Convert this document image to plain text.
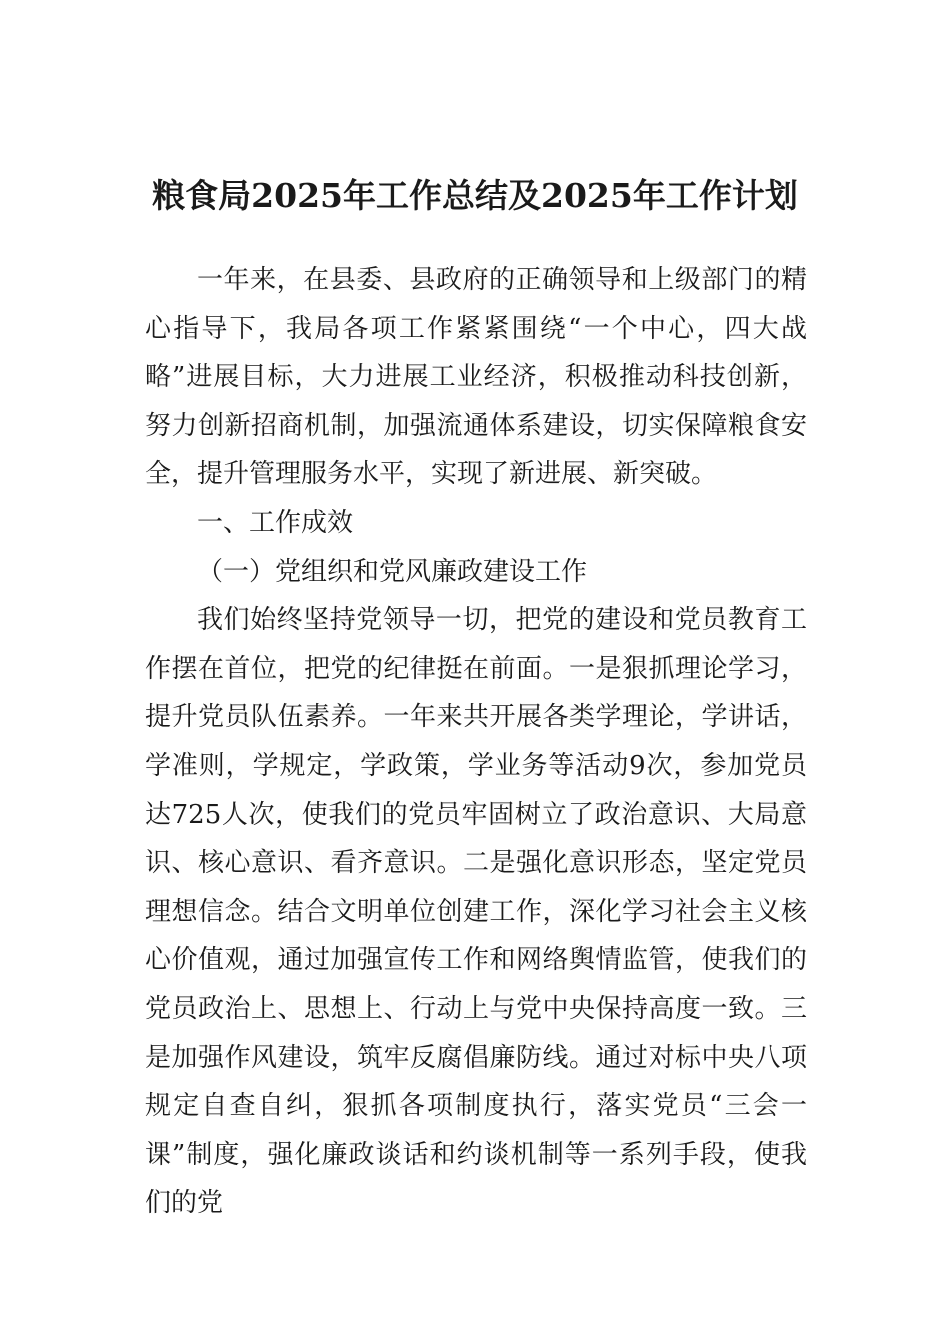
粮食局2025年工作总结及2025年工作计划

一年来，在县委、县政府的正确领导和上级部门的精心指导下，我局各项工作紧紧围绕“一个中心，四大战略”进展目标，大力进展工业经济，积极推动科技创新，努力创新招商机制，加强流通体系建设，切实保障粮食安全，提升管理服务水平，实现了新进展、新突破。

一、工作成效

（一）党组织和党风廉政建设工作

我们始终坚持党领导一切，把党的建设和党员教育工作摆在首位，把党的纪律挺在前面。一是狠抓理论学习，提升党员队伍素养。一年来共开展各类学理论，学讲话，学准则，学规定，学政策，学业务等活动9次，参加党员达725人次，使我们的党员牢固树立了政治意识、大局意识、核心意识、看齐意识。二是强化意识形态，坚定党员理想信念。结合文明单位创建工作，深化学习社会主义核心价值观，通过加强宣传工作和网络舆情监管，使我们的党员政治上、思想上、行动上与党中央保持高度一致。三是加强作风建设，筑牢反腐倡廉防线。通过对标中央八项规定自查自纠，狠抓各项制度执行，落实党员“三会一课”制度，强化廉政谈话和约谈机制等一系列手段，使我们的党
